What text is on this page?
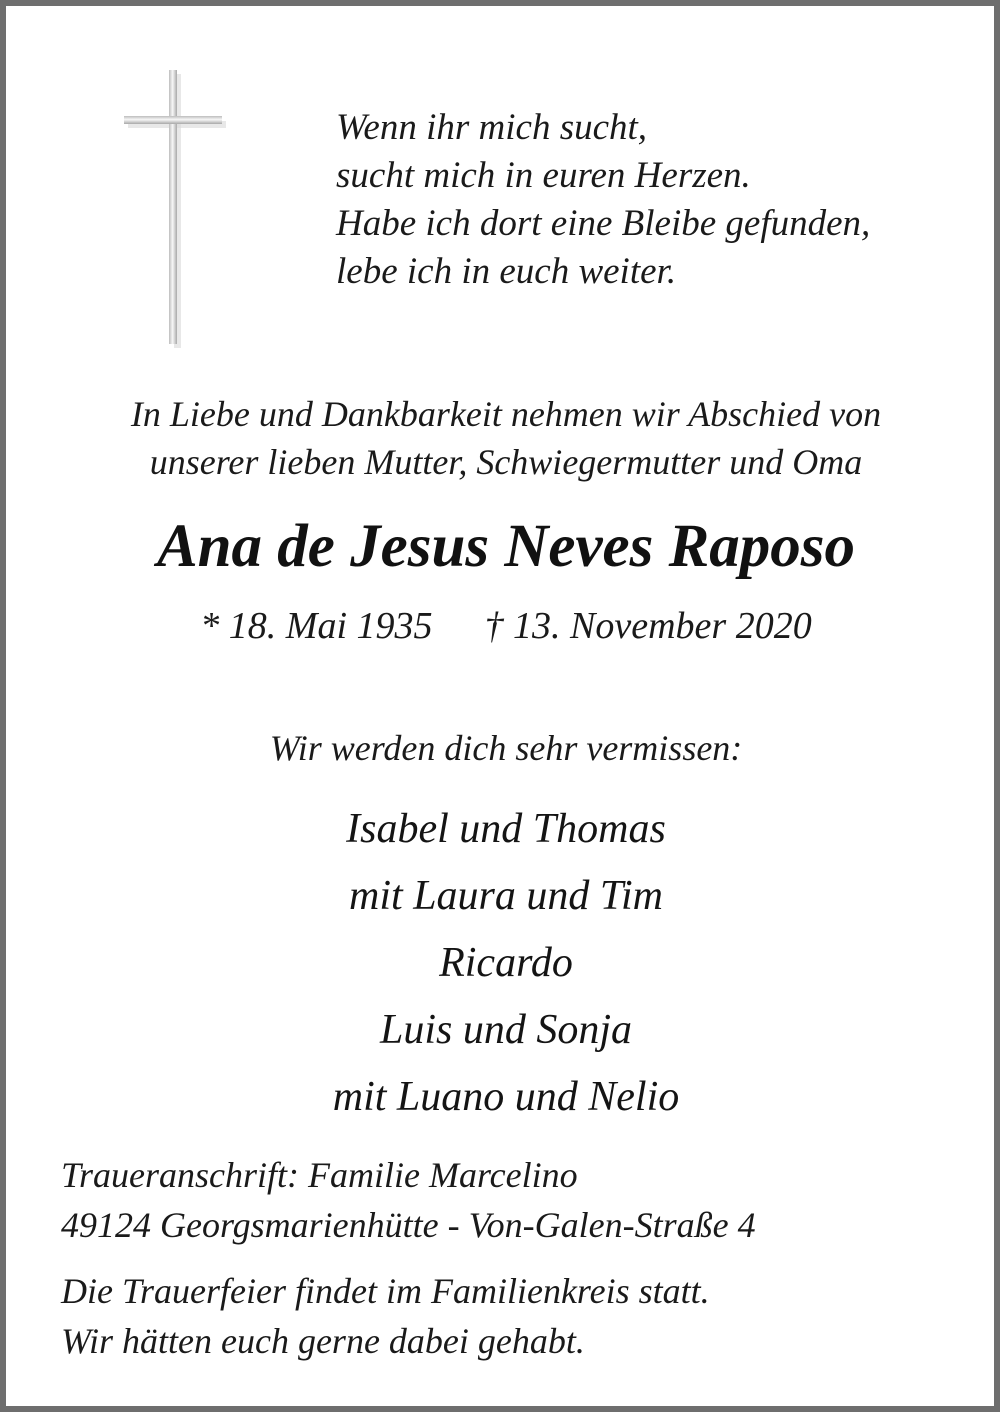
Wenn ihr mich sucht,
sucht mich in euren Herzen.
Habe ich dort eine Bleibe gefunden,
lebe ich in euch weiter.
In Liebe und Dankbarkeit nehmen wir Abschied von
unserer lieben Mutter, Schwiegermutter und Oma
Ana de Jesus Neves Raposo
* 18. Mai 1935 † 13. November 2020
Wir werden dich sehr vermissen:
Isabel und Thomas
mit Laura und Tim
Ricardo
Luis und Sonja
mit Luano und Nelio
Traueranschrift: Familie Marcelino
49124 Georgsmarienhütte - Von-Galen-Straße 4
Die Trauerfeier findet im Familienkreis statt.
Wir hätten euch gerne dabei gehabt.
